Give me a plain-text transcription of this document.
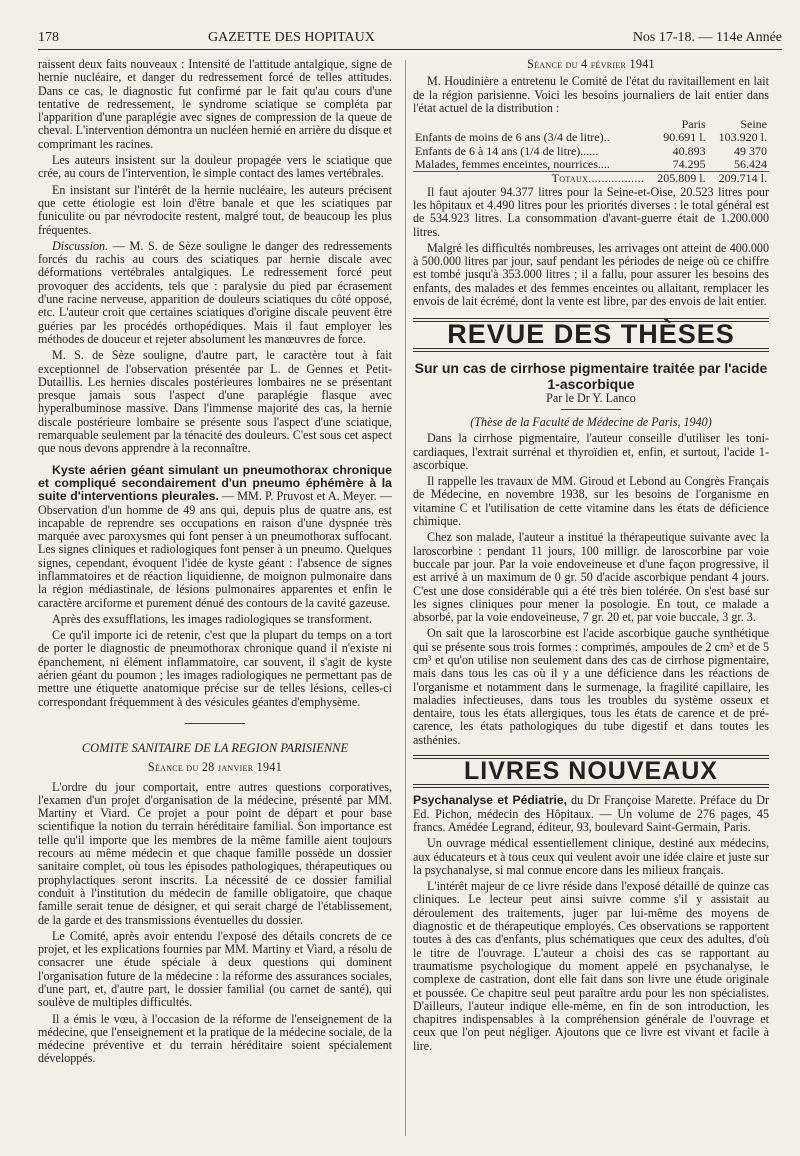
178	GAZETTE DES HOPITAUX	Nos 17-18. — 114e Année

raissent deux faits nouveaux : Intensité de l'attitude antalgique, signe de hernie nucléaire, et danger du redressement forcé de telles attitudes. Dans ce cas, le diagnostic fut confirmé par le fait qu'au cours d'une tentative de redressement, le syndrome sciatique se compléta par l'apparition d'une paraplégie avec signes de compression de la queue de cheval. L'intervention démontra un nucléen hernié en arrière du disque et comprimant les racines.

Les auteurs insistent sur la douleur propagée vers le sciatique que crée, au cours de l'intervention, le simple contact des lames vertébrales.

En insistant sur l'intérêt de la hernie nucléaire, les auteurs précisent que cette étiologie est loin d'être banale et que les sciatiques par funiculite ou par névrodocite restent, malgré tout, de beaucoup les plus fréquentes.

Discussion. — M. S. de Sèze souligne le danger des redressements forcés du rachis au cours des sciatiques par hernie discale avec déformations vertébrales antalgiques. Le redressement forcé peut provoquer des accidents, tels que : paralysie du pied par écrasement d'une racine nerveuse, apparition de douleurs sciatiques du côté opposé, etc. L'auteur croit que certaines sciatiques d'origine discale peuvent être guéries par les procédés orthopédiques. Mais il faut employer les méthodes de douceur et rejeter absolument les manœuvres de force.

M. S. de Sèze souligne, d'autre part, le caractère tout à fait exceptionnel de l'observation présentée par L. de Gennes et Petit-Dutaillis. Les hernies discales postérieures lombaires ne se présentant presque jamais sous l'aspect d'une paraplégie flasque avec hyperalbuminose massive. Dans l'immense majorité des cas, la hernie discale postérieure lombaire se présente sous l'aspect d'une sciatique, remarquable seulement par la ténacité des douleurs. C'est sous cet aspect que nous devons apprendre à la reconnaître.

Kyste aérien géant simulant un pneumothorax chronique et compliqué secondairement d'un pneumo éphémère à la suite d'interventions pleurales. — MM. P. Pruvost et A. Meyer. — Observation d'un homme de 49 ans qui, depuis plus de quatre ans, est incapable de reprendre ses occupations en raison d'une dyspnée très marquée avec paroxysmes qui font penser à un pneumothorax suffocant. Les signes cliniques et radiologiques font penser à un pneumo. Quelques signes, cependant, évoquent l'idée de kyste géant : l'absence de signes inflammatoires et de réaction liquidienne, de moignon pulmonaire dans la région médiastinale, de lésions pulmonaires apparentes et enfin le caractère arciforme et purement dénué des contours de la cavité gazeuse.

Après des exsufflations, les images radiologiques se transforment.

Ce qu'il importe ici de retenir, c'est que la plupart du temps on a tort de porter le diagnostic de pneumothorax chronique quand il n'existe ni épanchement, ni élément inflammatoire, car souvent, il s'agit de kyste aérien géant du poumon ; les images radiologiques ne permettant pas de mettre une étiquette anatomique précise sur de telles lésions, celles-ci correspondant fréquemment à des vésicules géantes d'emphysème.

COMITE SANITAIRE DE LA REGION PARISIENNE

Séance du 28 janvier 1941

L'ordre du jour comportait, entre autres questions corporatives, l'examen d'un projet d'organisation de la médecine, présenté par MM. Martiny et Viard. Ce projet a pour point de départ et pour base scientifique la notion du terrain héréditaire familial. Son importance est telle qu'il importe que les membres de la même famille aient toujours recours au même médecin et que chaque famille possède un dossier sanitaire complet, où tous les épisodes pathologiques, thérapeutiques ou prophylactiques seront inscrits. La nécessité de ce dossier familial conduit à l'institution du médecin de famille obligatoire, que chaque famille serait tenue de désigner, et qui serait chargé de l'établissement, de la garde et des transmissions éventuelles du dossier.

Le Comité, après avoir entendu l'exposé des détails concrets de ce projet, et les explications fournies par MM. Martiny et Viard, a résolu de consacrer une étude spéciale à deux questions qui dominent l'organisation future de la médecine : la réforme des assurances sociales, d'une part, et, d'autre part, le dossier familial (ou carnet de santé), qui soulève de multiples difficultés.

Il a émis le vœu, à l'occasion de la réforme de l'enseignement de la médecine, que l'enseignement et la pratique de la médecine sociale, de la médecine préventive et du terrain héréditaire soient spécialement développés.

Séance du 4 février 1941

M. Houdinière a entretenu le Comité de l'état du ravitaillement en lait de la région parisienne. Voici les besoins journaliers de lait entier dans l'état actuel de la distribution :

	Paris	Seine
Enfants de moins de 6 ans (3/4 de litre)..	90.691 l.	103.920 l.
Enfants de 6 à 14 ans (1/4 de litre)......	40.893	49 370
Malades, femmes enceintes, nourrices....	74.295	56.424
Totaux.................	205.809 l.	209.714 l.

Il faut ajouter 94.377 litres pour la Seine-et-Oise, 20.523 litres pour les hôpitaux et 4.490 litres pour les priorités diverses : le total général est de 534.923 litres. La consommation d'avant-guerre était de 1.200.000 litres.

Malgré les difficultés nombreuses, les arrivages ont atteint de 400.000 à 500.000 litres par jour, sauf pendant les périodes de neige où ce chiffre est tombé jusqu'à 353.000 litres ; il a fallu, pour assurer les besoins des enfants, des malades et des femmes enceintes ou allaitant, remplacer les envois de lait écrémé, dont la vente est libre, par des envois de lait entier.

REVUE DES THÈSES
Sur un cas de cirrhose pigmentaire traitée par l'acide 1-ascorbique

Par le Dr Y. Lanco

(Thèse de la Faculté de Médecine de Paris, 1940)

Dans la cirrhose pigmentaire, l'auteur conseille d'utiliser les toni-cardiaques, l'extrait surrénal et thyroïdien et, enfin, et surtout, l'acide 1-ascorbique.

Il rappelle les travaux de MM. Giroud et Lebond au Congrès Français de Médecine, en novembre 1938, sur les besoins de l'organisme en vitamine C et l'utilisation de cette vitamine dans les états de déficience chimique.

Chez son malade, l'auteur a institué la thérapeutique suivante avec la laroscorbine : pendant 11 jours, 100 milligr. de laroscorbine par voie buccale par jour. Par la voie endoveineuse et d'une façon progressive, il est arrivé à un maximum de 0 gr. 50 d'acide ascorbique pendant 4 jours. C'est une dose considérable qui a été très bien tolérée. On s'est basé sur les signes cliniques pour mener la posologie. En tout, ce malade a absorbé, par la voie endoveineuse, 7 gr. 20 et, par voie buccale, 3 gr. 3.

On sait que la laroscorbine est l'acide ascorbique gauche synthétique qui se présente sous trois formes : comprimés, ampoules de 2 cm³ et de 5 cm³ et qu'on utilise non seulement dans des cas de cirrhose pigmentaire, mais dans tous les cas où il y a une déficience dans les réactions de l'organisme et notamment dans le surmenage, la fragilité capillaire, les maladies infectieuses, dans tous les troubles du système osseux et dentaire, tous les états allergiques, tous les états de carence et de pré-carence, les états pathologiques du tube digestif et dans toutes les asthénies.

LIVRES NOUVEAUX

Psychanalyse et Pédiatrie, du Dr Françoise Marette. Préface du Dr Ed. Pichon, médecin des Hôpitaux. — Un volume de 276 pages, 45 francs. Amédée Legrand, éditeur, 93, boulevard Saint-Germain, Paris.

Un ouvrage médical essentiellement clinique, destiné aux médecins, aux éducateurs et à tous ceux qui veulent avoir une idée claire et juste sur la psychanalyse, si mal connue encore dans les milieux français.

L'intérêt majeur de ce livre réside dans l'exposé détaillé de quinze cas cliniques. Le lecteur peut ainsi suivre comme s'il y assistait au déroulement des traitements, juger par lui-même des moyens de diagnostic et de thérapeutique employés. Ces observations se rapportent toutes à des cas d'enfants, plus schématiques que ceux des adultes, d'où le titre de l'ouvrage. L'auteur a choisi des cas se rapportant au traumatisme psychologique du moment appelé en psychanalyse, le complexe de castration, dont elle fait dans son livre une étude originale et poussée. Ce chapitre seul peut paraître ardu pour les non spécialistes. D'ailleurs, l'auteur indique elle-même, en fin de son introduction, les chapitres indispensables à la compréhension générale de l'ouvrage et ceux que l'on peut négliger. Ajoutons que ce livre est vivant et facile à lire.
